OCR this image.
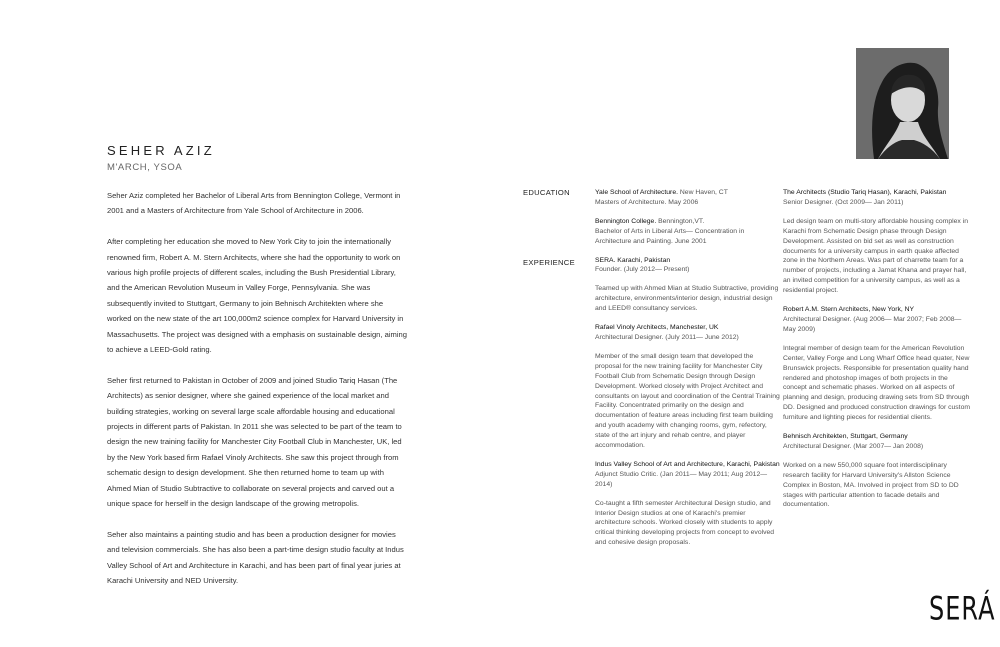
SEHER AZIZ
M'ARCH, YSOA

Seher Aziz completed her Bachelor of Liberal Arts from Bennington College, Vermont in 2001 and a Masters of Architecture from Yale School of Architecture in 2006.

After completing her education she moved to New York City to join the internationally renowned firm, Robert A. M. Stern Architects, where she had the opportunity to work on various high profile projects of different scales, including the Bush Presidential Library, and the American Revolution Museum in Valley Forge, Pennsylvania. She was subsequently invited to Stuttgart, Germany to join Behnisch Architekten where she worked on the new state of the art 100,000m2 science complex for Harvard University in Massachusetts. The project was designed with a emphasis on sustainable design, aiming to achieve a LEED-Gold rating.

Seher first returned to Pakistan in October of 2009 and joined Studio Tariq Hasan (The Architects) as senior designer, where she gained experience of the local market and building strategies, working on several large scale affordable housing and educational projects in different parts of Pakistan. In 2011 she was selected to be part of the team to design the new training facility for Manchester City Football Club in Manchester, UK, led by the New York based firm Rafael Vinoly Architects. She saw this project through from schematic design to design development. She then returned home to team up with Ahmed Mian of Studio Subtractive to collaborate on several projects and carved out a unique space for herself in the design landscape of the growing metropolis.

Seher also maintains a painting studio and has been a production designer for movies and television commercials. She has also been a part-time design studio faculty at Indus Valley School of Art and Architecture in Karachi, and has been part of final year juries at Karachi University and NED University.

EDUCATION
EXPERIENCE
Yale School of Architecture. New Haven, CT
Masters of Architecture. May 2006
Bennington College. Bennington,VT.
Bachelor of Arts in Liberal Arts— Concentration in Architecture and Painting. June 2001
SERA. Karachi, Pakistan
Founder. (July 2012— Present)
Teamed up with Ahmed Mian at Studio Subtractive, providing architecture, environments/interior design, industrial design and LEED® consultancy services.
Rafael Vinoly Architects, Manchester, UK
Architectural Designer. (July 2011— June 2012)
Member of the small design team that developed the proposal for the new training facility for Manchester City Football Club from Schematic Design through Design Development. Worked closely with Project Architect and consultants on layout and coordination of the Central Training Facility. Concentrated primarily on the design and documentation of feature areas including first team building and youth academy with changing rooms, gym, refectory, state of the art injury and rehab centre, and player accommodation.
Indus Valley School of Art and Architecture, Karachi, Pakistan
Adjunct Studio Critic. (Jan 2011— May 2011; Aug 2012—2014)
Co-taught a fifth semester Architectural Design studio, and Interior Design studios at one of Karachi's premier architecture schools. Worked closely with students to apply critical thinking developing projects from concept to evolved and cohesive design proposals.
The Architects (Studio Tariq Hasan), Karachi, Pakistan
Senior Designer. (Oct 2009— Jan 2011)
Led design team on multi-story affordable housing complex in Karachi from Schematic Design phase through Design Development. Assisted on bid set as well as construction documents for a university campus in earth quake affected zone in the Northern Areas. Was part of charrette team for a number of projects, including a Jamat Khana and prayer hall, an invited competition for a university campus, as well as a residential project.
Robert A.M. Stern Architects, New York, NY
Architectural Designer. (Aug 2006— Mar 2007; Feb 2008—May 2009)
Integral member of design team for the American Revolution Center, Valley Forge and Long Wharf Office head quater, New Brunswick projects. Responsible for presentation quality hand rendered and photoshop images of both projects in the concept and schematic phases. Worked on all aspects of planning and design, producing drawing sets from SD through DD. Designed and produced construction drawings for custom furniture and lighting pieces for residential clients.
Behnisch Architekten, Stuttgart, Germany
Architectural Designer. (Mar 2007— Jan 2008)
Worked on a new 550,000 square foot interdisciplinary research facility for Harvard University's Allston Science Complex in Boston, MA. Involved in project from SD to DD stages with particular attention to facade details and documentation.
SERÁ
